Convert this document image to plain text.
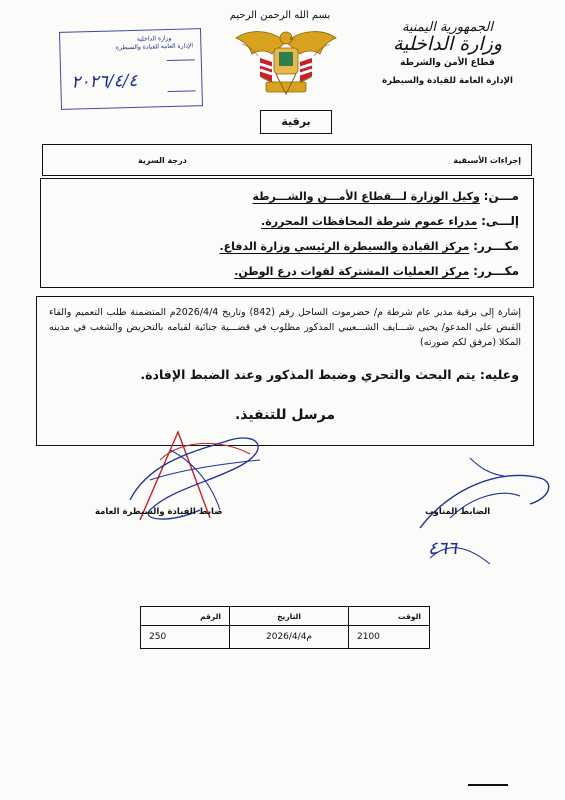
بسم الله الرحمن الرحيم
الجمهورية اليمنية
وزارة الداخلية
قطاع الأمن والشرطة
الإدارة العامة للقيادة والسيطرة
وزارة الداخلية
الإدارة العامة للقيادة والسيطرة
٢٠٢٦/٤/٤
برقية
درجة السرية	إجراءات الأسبقية
مـــن: وكيل الوزارة لـــقطاع الأمـــن والشـــرطة
إلـــى: مدراء عموم شرطة المحافظات المحررة.
مكـــرر: مركز القيادة والسيطرة الرئيسي وزارة الدفاع.
مكـــرر: مركز العمليات المشتركة لقوات درع الوطن.
إشارة إلى برقية مدير عام شرطة م/ حضرموت الساحل رقم (842) وتاريخ 2026/4/4م المتضمنة طلب التعميم والقاء القبض على المدعو/ يحيى شـــايف الشـــعيبي المذكور مطلوب في قضـــية جنائية لقيامه بالتحريض والشغب في مدينه المكلا (مرفق لكم صورته)
وعليه: يتم البحث والتحري وضبط المذكور وعند الضبط الإفادة.
مرسل للتنفيذ.
ضابط القيادة والسيطرة العامة
٤٦٦
الضابط المناوب
الرقم	التاريخ	الوقت
250	2026/4/4م	2100
